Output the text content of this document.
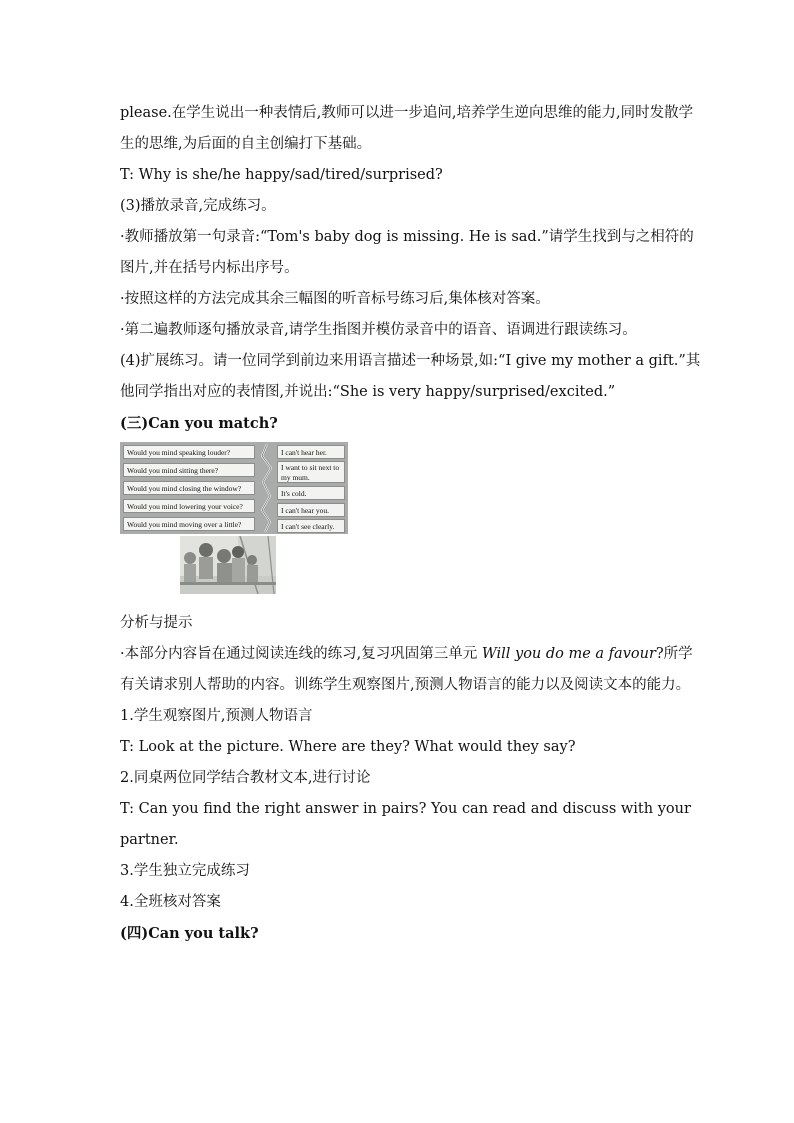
please.在学生说出一种表情后,教师可以进一步追问,培养学生逆向思维的能力,同时发散学

生的思维,为后面的自主创编打下基础。

T: Why is she/he happy/sad/tired/surprised?

(3)播放录音,完成练习。

·教师播放第一句录音:“Tom's baby dog is missing. He is sad.”请学生找到与之相符的

图片,并在括号内标出序号。

·按照这样的方法完成其余三幅图的听音标号练习后,集体核对答案。

·第二遍教师逐句播放录音,请学生指图并模仿录音中的语音、语调进行跟读练习。

(4)扩展练习。请一位同学到前边来用语言描述一种场景,如:“I give my mother a gift.”其

他同学指出对应的表情图,并说出:“She is very happy/surprised/excited.”

(三)Can you match?

Would you mind speaking louder?
Would you mind sitting there?
Would you mind closing the window?
Would you mind lowering your voice?
Would you mind moving over a little?
I can't hear her.
I want to sit next to my mum.
It's cold.
I can't hear you.
I can't see clearly.

分析与提示

·本部分内容旨在通过阅读连线的练习,复习巩固第三单元 Will you do me a favour?所学

有关请求别人帮助的内容。训练学生观察图片,预测人物语言的能力以及阅读文本的能力。

1.学生观察图片,预测人物语言

T: Look at the picture. Where are they? What would they say?

2.同桌两位同学结合教材文本,进行讨论

T: Can you find the right answer in pairs? You can read and discuss with your

partner.

3.学生独立完成练习

4.全班核对答案

(四)Can you talk?
